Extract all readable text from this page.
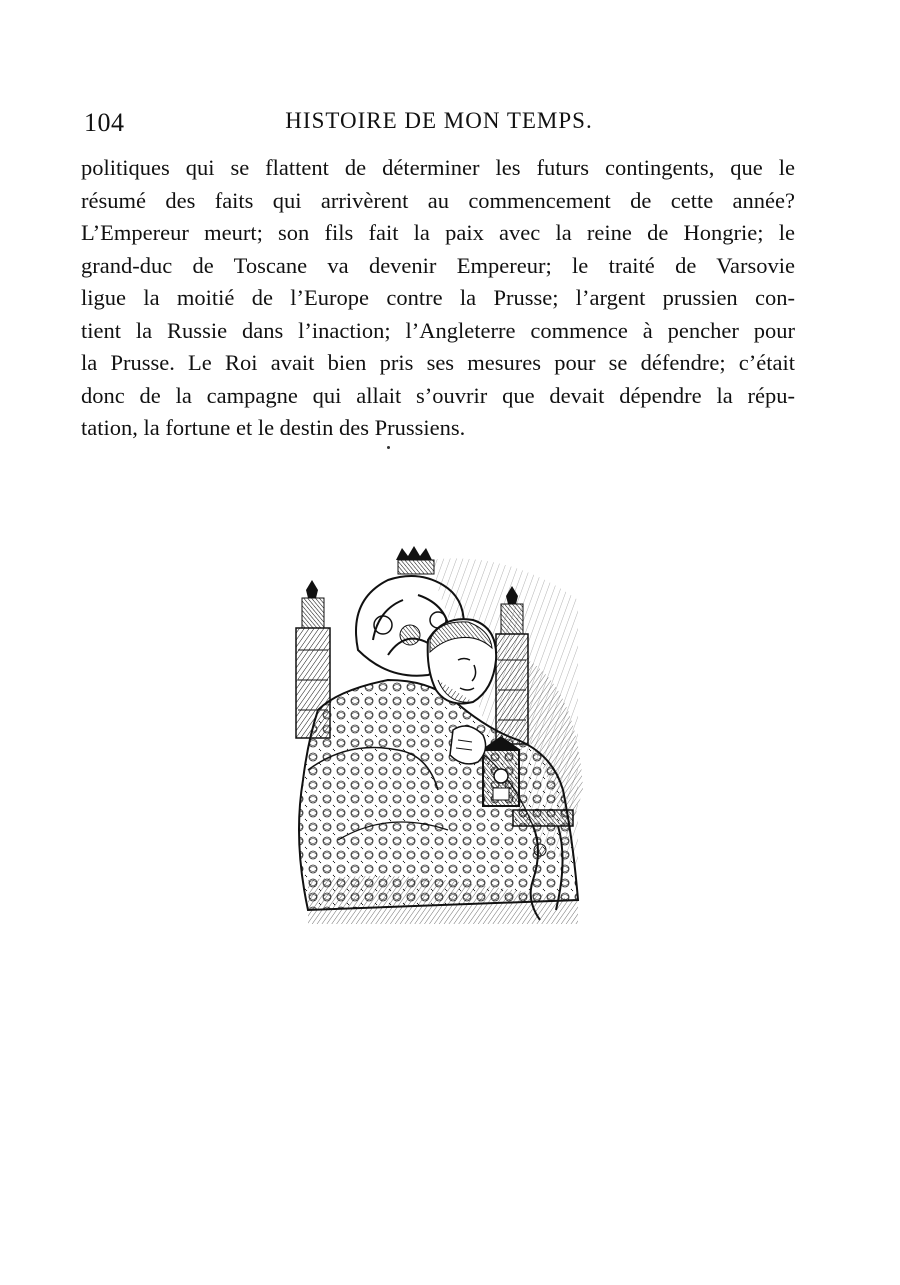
104	HISTOIRE DE MON TEMPS.
politiques qui se flattent de déterminer les futurs contingents, que le
résumé des faits qui arrivèrent au commencement de cette année?
L’Empereur meurt; son fils fait la paix avec la reine de Hongrie; le
grand-duc de Toscane va devenir Empereur; le traité de Varsovie
ligue la moitié de l’Europe contre la Prusse; l’argent prussien con-
tient la Russie dans l’inaction; l’Angleterre commence à pencher pour
la Prusse. Le Roi avait bien pris ses mesures pour se défendre; c’était
donc de la campagne qui allait s’ouvrir que devait dépendre la répu-
tation, la fortune et le destin des Prussiens.
